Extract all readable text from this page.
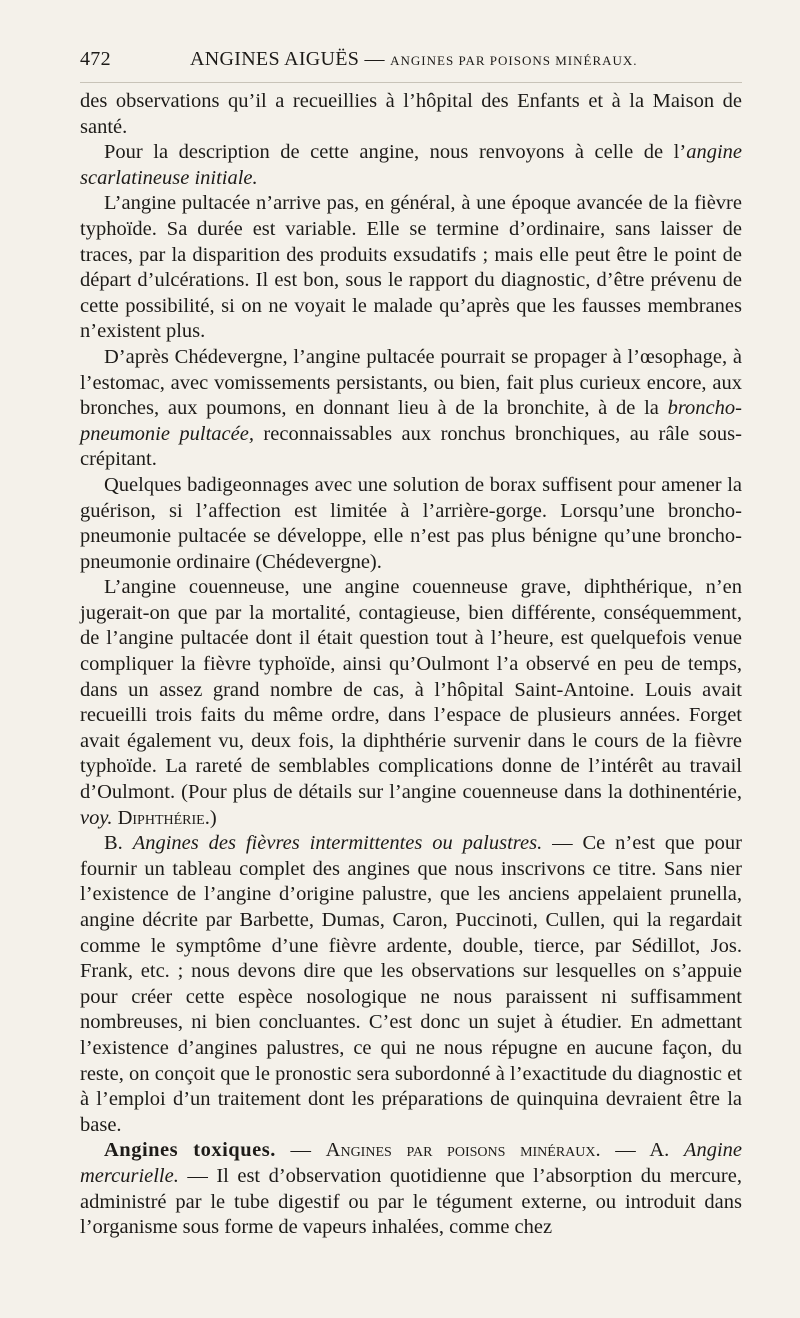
472	ANGINES AIGUËS — ANGINES PAR POISONS MINÉRAUX.

des observations qu’il a recueillies à l’hôpital des Enfants et à la Maison de santé.

Pour la description de cette angine, nous renvoyons à celle de l’angine scarlatineuse initiale.

L’angine pultacée n’arrive pas, en général, à une époque avancée de la fièvre typhoïde. Sa durée est variable. Elle se termine d’ordinaire, sans laisser de traces, par la disparition des produits exsudatifs ; mais elle peut être le point de départ d’ulcérations. Il est bon, sous le rapport du diagnostic, d’être prévenu de cette possibilité, si on ne voyait le malade qu’après que les fausses membranes n’existent plus.

D’après Chédevergne, l’angine pultacée pourrait se propager à l’œsophage, à l’estomac, avec vomissements persistants, ou bien, fait plus curieux encore, aux bronches, aux poumons, en donnant lieu à de la bronchite, à de la broncho-pneumonie pultacée, reconnaissables aux ronchus bronchiques, au râle sous-crépitant.

Quelques badigeonnages avec une solution de borax suffisent pour amener la guérison, si l’affection est limitée à l’arrière-gorge. Lorsqu’une broncho-pneumonie pultacée se développe, elle n’est pas plus bénigne qu’une broncho-pneumonie ordinaire (Chédevergne).

L’angine couenneuse, une angine couenneuse grave, diphthérique, n’en jugerait-on que par la mortalité, contagieuse, bien différente, conséquemment, de l’angine pultacée dont il était question tout à l’heure, est quelquefois venue compliquer la fièvre typhoïde, ainsi qu’Oulmont l’a observé en peu de temps, dans un assez grand nombre de cas, à l’hôpital Saint-Antoine. Louis avait recueilli trois faits du même ordre, dans l’espace de plusieurs années. Forget avait également vu, deux fois, la diphthérie survenir dans le cours de la fièvre typhoïde. La rareté de semblables complications donne de l’intérêt au travail d’Oulmont. (Pour plus de détails sur l’angine couenneuse dans la dothinentérie, voy. Diphthérie.)

B. Angines des fièvres intermittentes ou palustres. — Ce n’est que pour fournir un tableau complet des angines que nous inscrivons ce titre. Sans nier l’existence de l’angine d’origine palustre, que les anciens appelaient prunella, angine décrite par Barbette, Dumas, Caron, Puccinoti, Cullen, qui la regardait comme le symptôme d’une fièvre ardente, double, tierce, par Sédillot, Jos. Frank, etc. ; nous devons dire que les observations sur lesquelles on s’appuie pour créer cette espèce nosologique ne nous paraissent ni suffisamment nombreuses, ni bien concluantes. C’est donc un sujet à étudier. En admettant l’existence d’angines palustres, ce qui ne nous répugne en aucune façon, du reste, on conçoit que le pronostic sera subordonné à l’exactitude du diagnostic et à l’emploi d’un traitement dont les préparations de quinquina devraient être la base.

Angines toxiques. — Angines par poisons minéraux. — A. Angine mercurielle. — Il est d’observation quotidienne que l’absorption du mercure, administré par le tube digestif ou par le tégument externe, ou introduit dans l’organisme sous forme de vapeurs inhalées, comme chez
